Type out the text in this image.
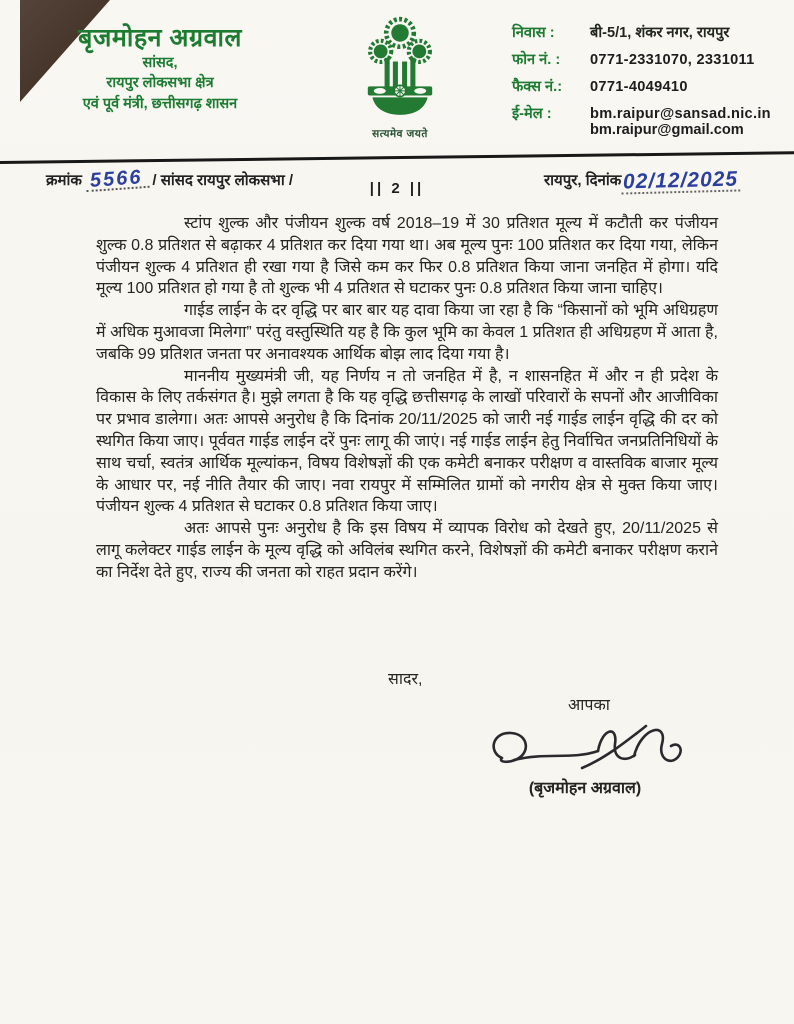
बृजमोहन अग्रवाल
सांसद,
रायपुर लोकसभा क्षेत्र
एवं पूर्व मंत्री, छत्तीसगढ़ शासन
सत्यमेव जयते
निवास :	बी-5/1, शंकर नगर, रायपुर
फोन नं. :	0771-2331070, 2331011
फैक्स नं.:	0771-4049410
ई-मेल :	bm.raipur@sansad.nic.in
bm.raipur@gmail.com
क्रमांक 5566 / सांसद रायपुर लोकसभा /	रायपुर, दिनांक 02/12/2025
|| 2 ||

स्टांप शुल्क और पंजीयन शुल्क वर्ष 2018–19 में 30 प्रतिशत मूल्य में कटौती कर पंजीयन शुल्क 0.8 प्रतिशत से बढ़ाकर 4 प्रतिशत कर दिया गया था। अब मूल्य पुनः 100 प्रतिशत कर दिया गया, लेकिन पंजीयन शुल्क 4 प्रतिशत ही रखा गया है जिसे कम कर फिर 0.8 प्रतिशत किया जाना जनहित में होगा। यदि मूल्य 100 प्रतिशत हो गया है तो शुल्क भी 4 प्रतिशत से घटाकर पुनः 0.8 प्रतिशत किया जाना चाहिए।

गाईड लाईन के दर वृद्धि पर बार बार यह दावा किया जा रहा है कि “किसानों को भूमि अधिग्रहण में अधिक मुआवजा मिलेगा” परंतु वस्तुस्थिति यह है कि कुल भूमि का केवल 1 प्रतिशत ही अधिग्रहण में आता है, जबकि 99 प्रतिशत जनता पर अनावश्यक आर्थिक बोझ लाद दिया गया है।

माननीय मुख्यमंत्री जी, यह निर्णय न तो जनहित में है, न शासनहित में और न ही प्रदेश के विकास के लिए तर्कसंगत है। मुझे लगता है कि यह वृद्धि छत्तीसगढ़ के लाखों परिवारों के सपनों और आजीविका पर प्रभाव डालेगा। अतः आपसे अनुरोध है कि दिनांक 20/11/2025 को जारी नई गाईड लाईन वृद्धि की दर को स्थगित किया जाए। पूर्ववत गाईड लाईन दरें पुनः लागू की जाएं। नई गाईड लाईन हेतु निर्वाचित जनप्रतिनिधियों के साथ चर्चा, स्वतंत्र आर्थिक मूल्यांकन, विषय विशेषज्ञों की एक कमेटी बनाकर परीक्षण व वास्तविक बाजार मूल्य के आधार पर, नई नीति तैयार की जाए। नवा रायपुर में सम्मिलित ग्रामों को नगरीय क्षेत्र से मुक्त किया जाए। पंजीयन शुल्क 4 प्रतिशत से घटाकर 0.8 प्रतिशत किया जाए।

अतः आपसे पुनः अनुरोध है कि इस विषय में व्यापक विरोध को देखते हुए, 20/11/2025 से लागू कलेक्टर गाईड लाईन के मूल्य वृद्धि को अविलंब स्थगित करने, विशेषज्ञों की कमेटी बनाकर परीक्षण कराने का निर्देश देते हुए, राज्य की जनता को राहत प्रदान करेंगे।

सादर,
आपका
(बृजमोहन अग्रवाल)
